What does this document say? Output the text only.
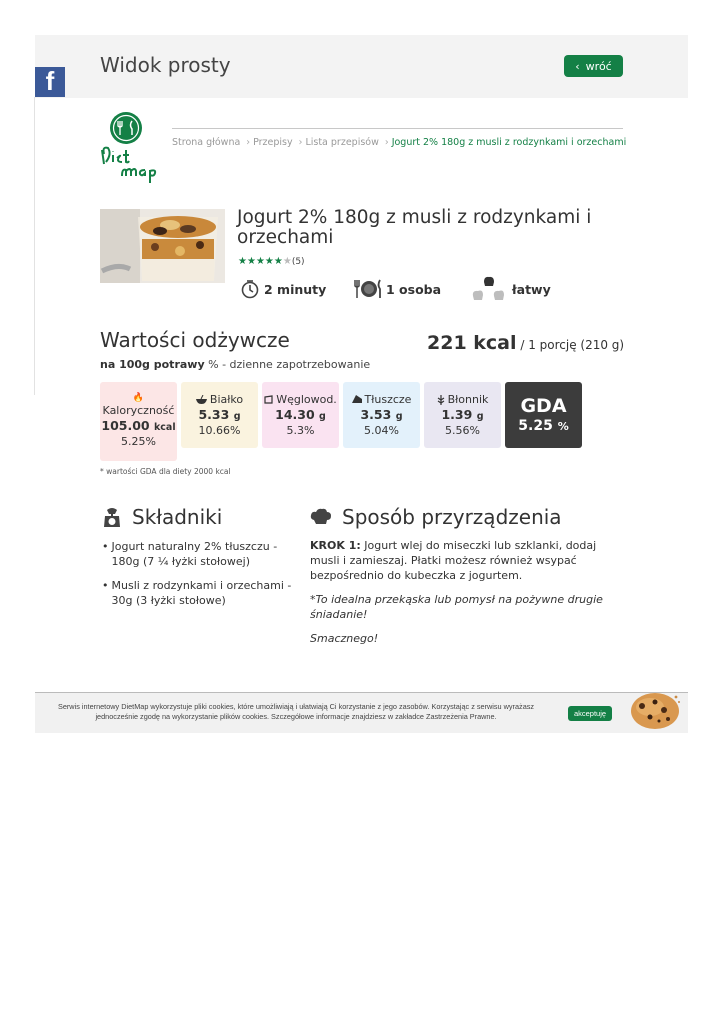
Widok prosty	‹ wróć
f
Strona główna › Przepisy › Lista przepisów › Jogurt 2% 180g z musli z rodzynkami i orzechami
Jogurt 2% 180g z musli z rodzynkami i orzechami
★★★★★★(5)
2 minuty	1 osoba	łatwy
Wartości odżywcze	221 kcal / 1 porcję (210 g)
na 100g potrawy % - dzienne zapotrzebowanie
🔥
Kaloryczność
105.00 kcal
5.25%
Białko
5.33 g
10.66%
Węglowod.
14.30 g
5.3%
Tłuszcze
3.53 g
5.04%
Błonnik
1.39 g
5.56%
GDA
5.25 %
* wartości GDA dla diety 2000 kcal
Składniki
• Jogurt naturalny 2% tłuszczu - 180g (7 ¼ łyżki stołowej)
• Musli z rodzynkami i orzechami - 30g (3 łyżki stołowe)
Sposób przyrządzenia

KROK 1: Jogurt wlej do miseczki lub szklanki, dodaj musli i zamieszaj. Płatki możesz również wsypać bezpośrednio do kubeczka z jogurtem.

*To idealna przekąska lub pomysł na pożywne drugie śniadanie!

Smacznego!

Serwis internetowy DietMap wykorzystuje pliki cookies, które umożliwiają i ułatwiają Ci korzystanie z jego zasobów. Korzystając z serwisu wyrażasz jednocześnie zgodę na wykorzystanie plików cookies. Szczegółowe informacje znajdziesz w zakładce Zastrzeżenia Prawne.	akceptuję
